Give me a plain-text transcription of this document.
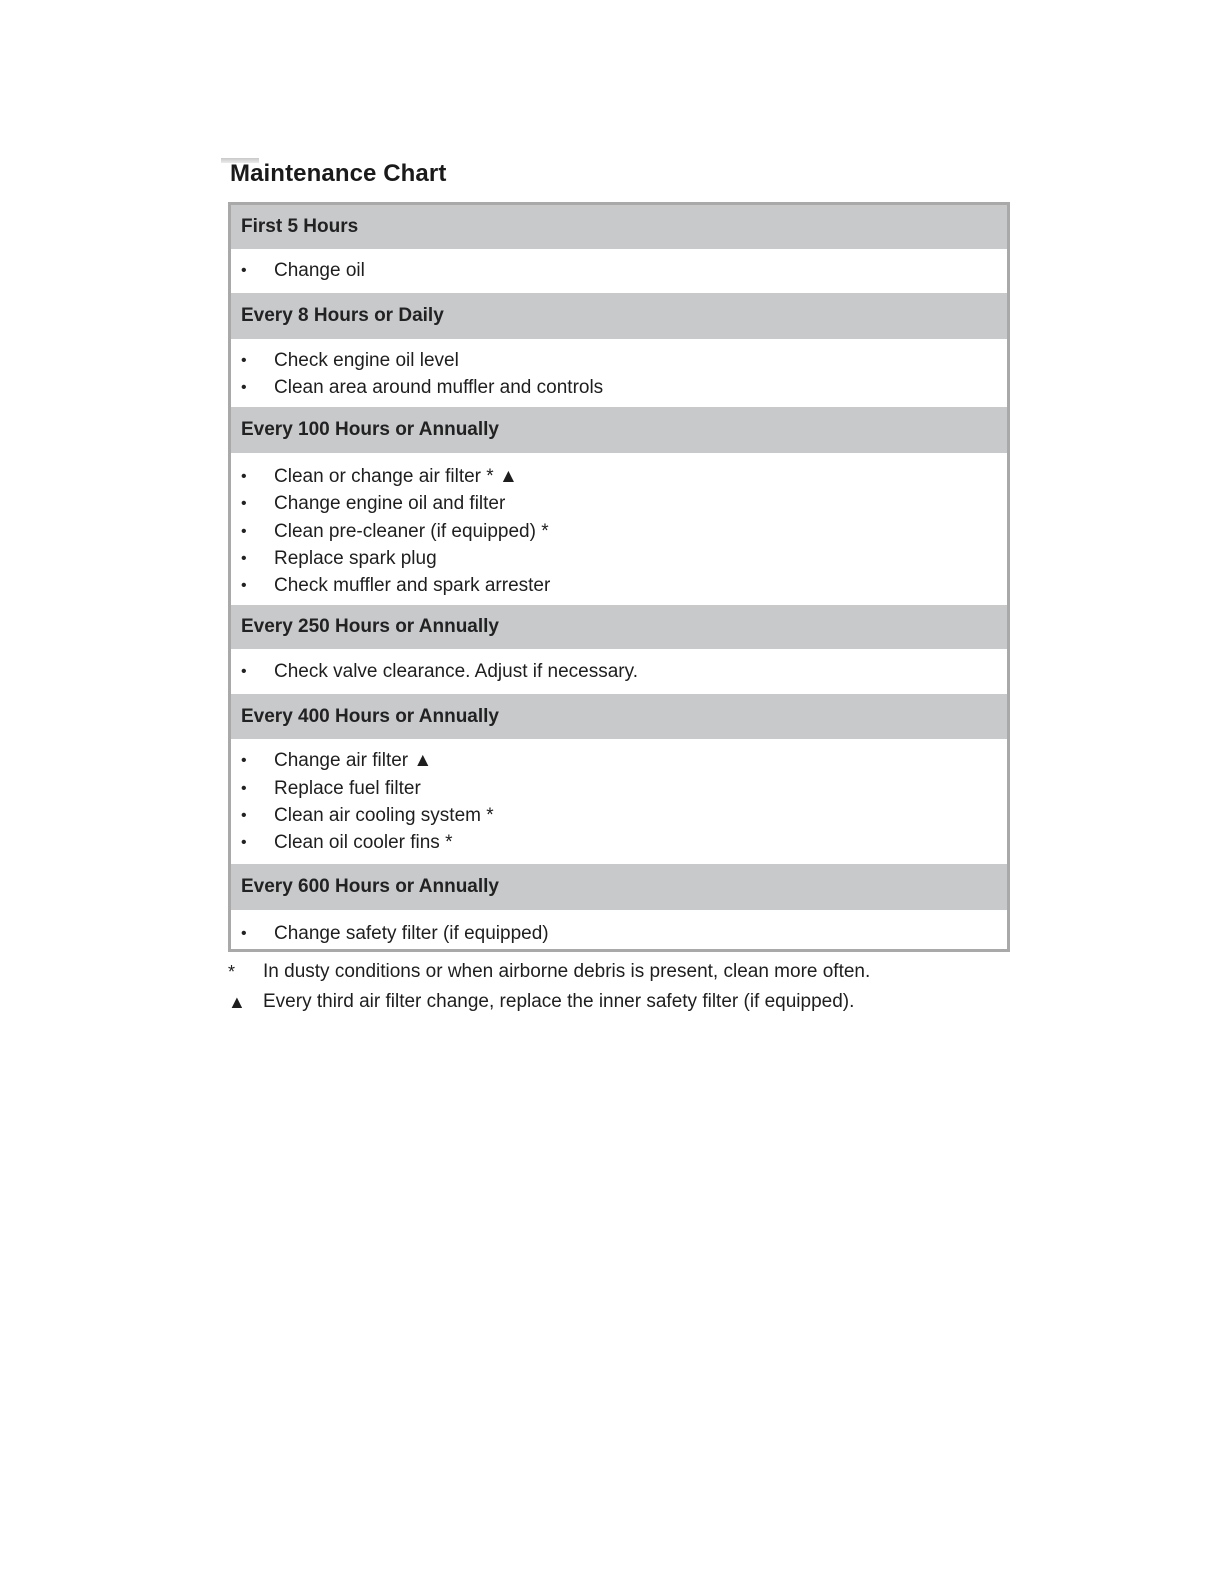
Maintenance Chart
First 5 Hours
• Change oil
Every 8 Hours or Daily
• Check engine oil level
• Clean area around muffler and controls
Every 100 Hours or Annually
• Clean or change air filter * ▲
• Change engine oil and filter
• Clean pre-cleaner (if equipped) *
• Replace spark plug
• Check muffler and spark arrester
Every 250 Hours or Annually
• Check valve clearance. Adjust if necessary.
Every 400 Hours or Annually
• Change air filter ▲
• Replace fuel filter
• Clean air cooling system *
• Clean oil cooler fins *
Every 600 Hours or Annually
• Change safety filter (if equipped)
* In dusty conditions or when airborne debris is present, clean more often.
▲ Every third air filter change, replace the inner safety filter (if equipped).
